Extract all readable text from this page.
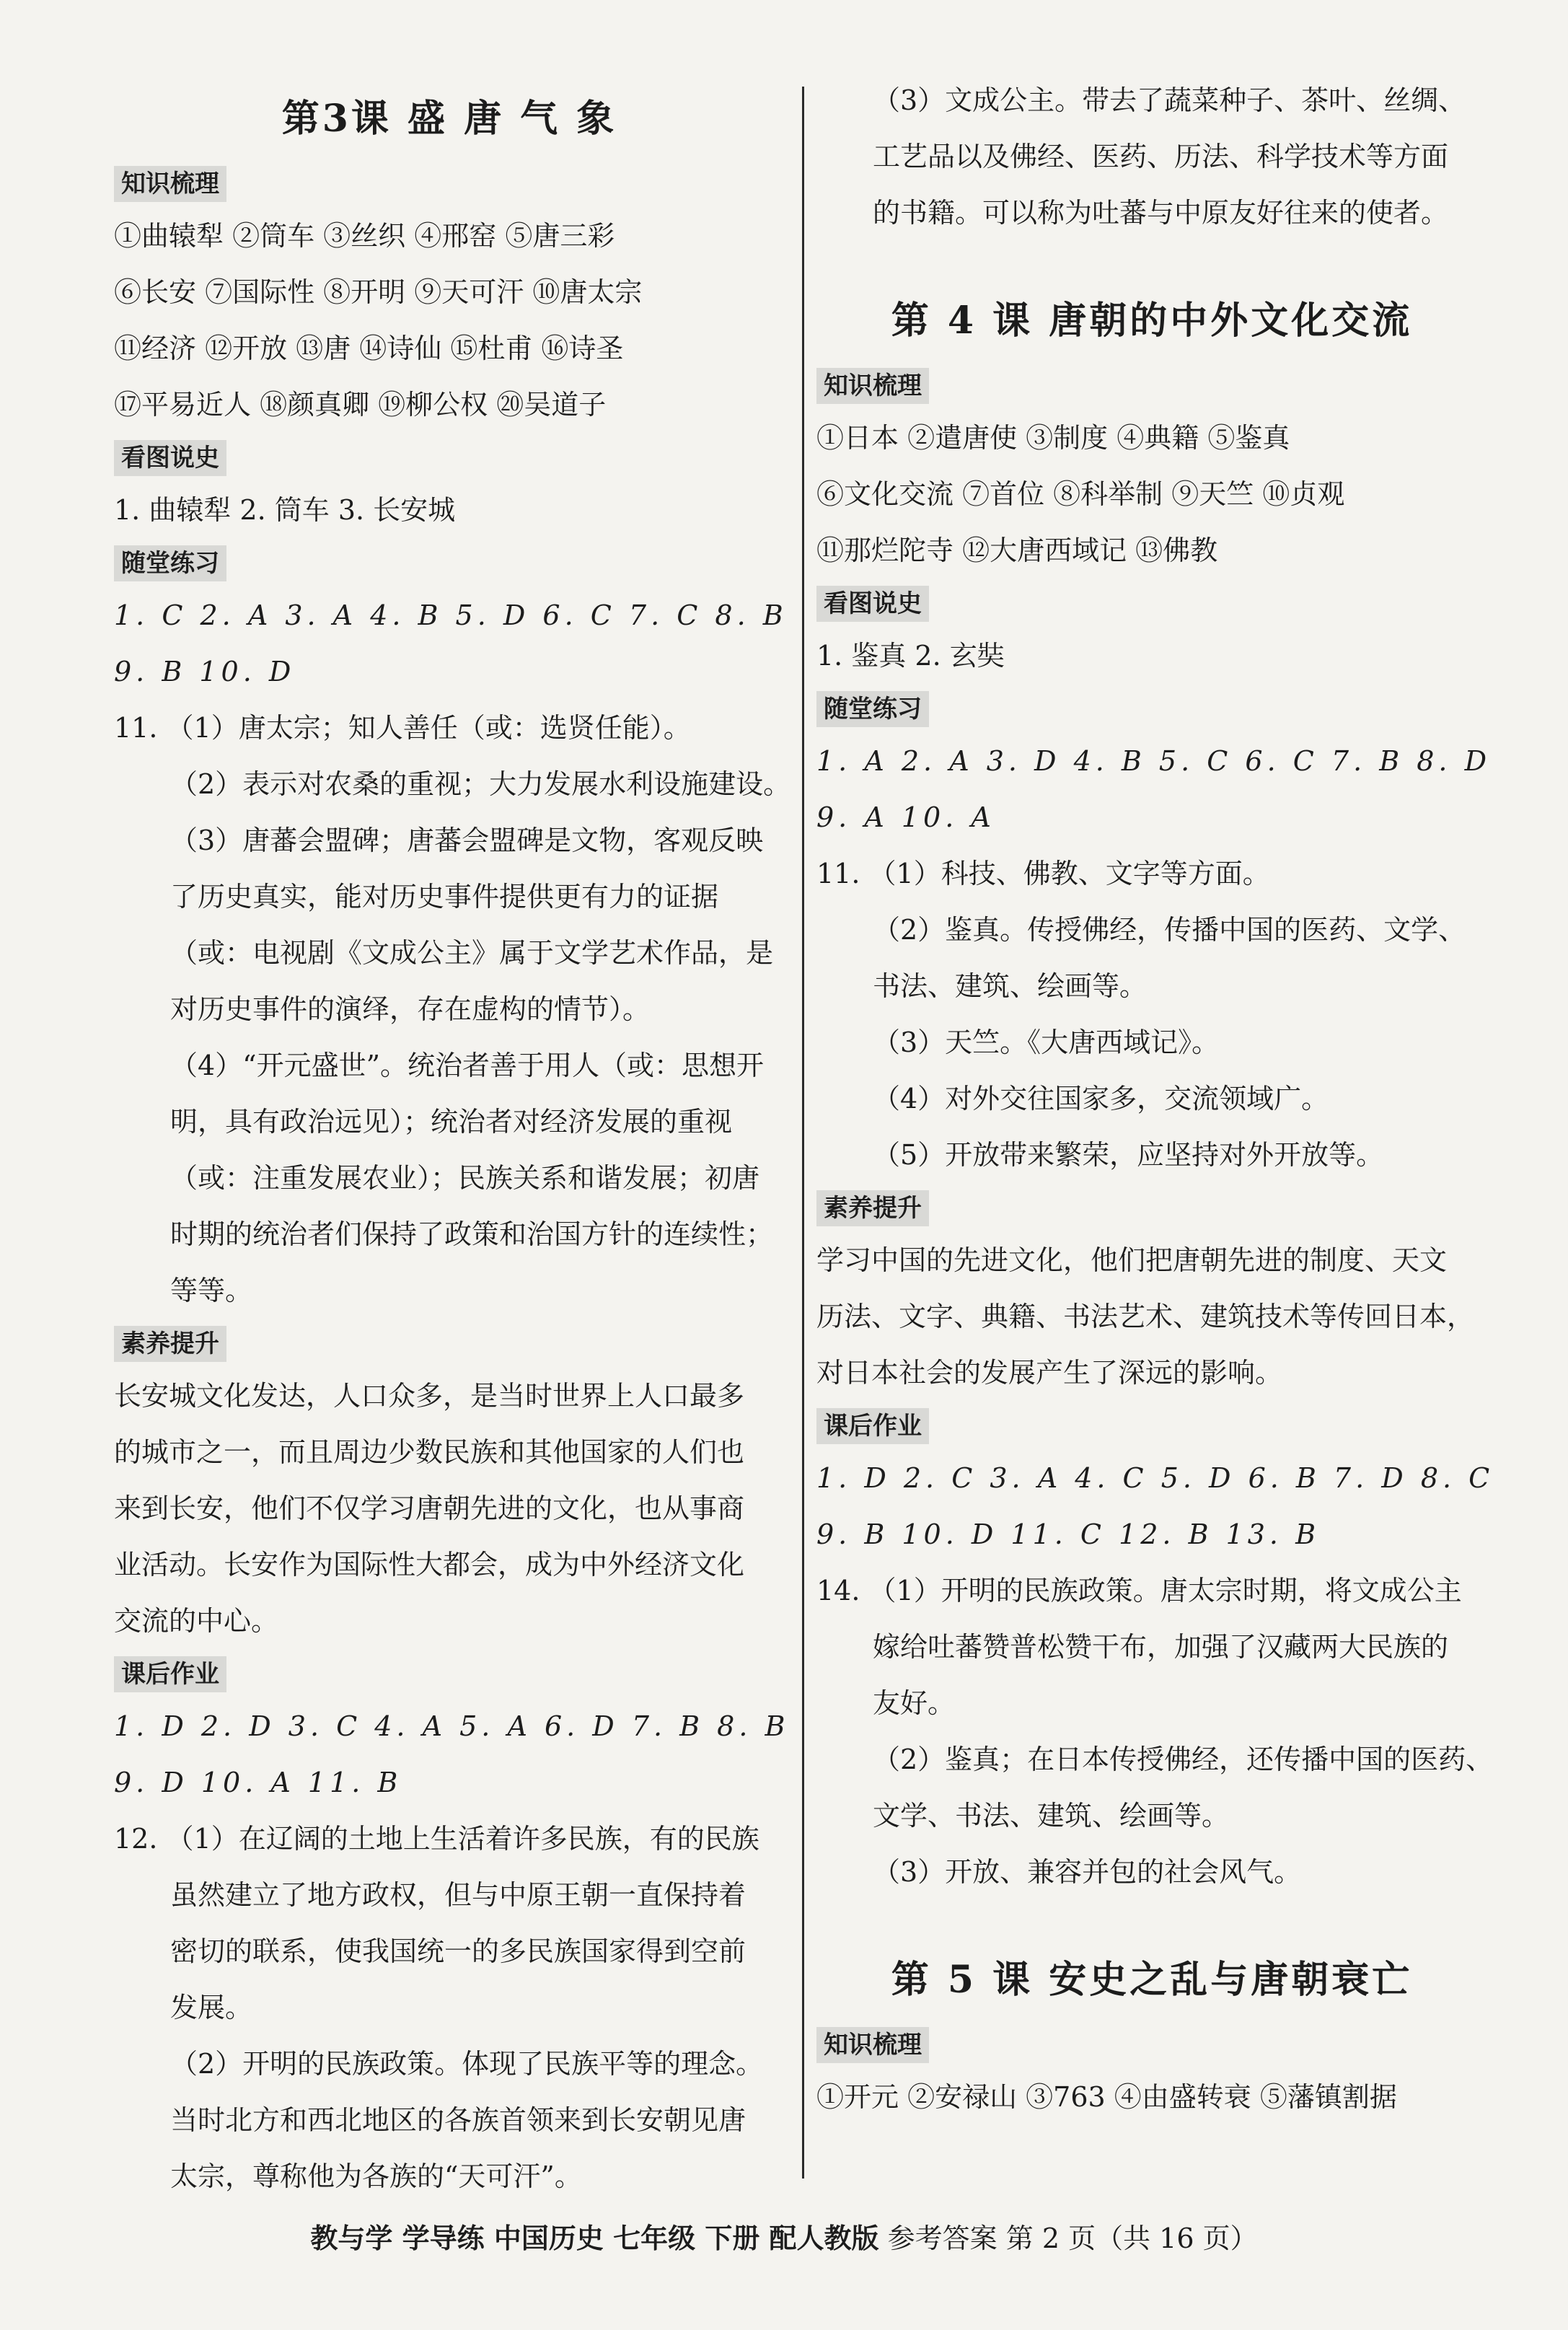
第3课 盛 唐 气 象
知识梳理
①曲辕犁 ②筒车 ③丝织 ④邢窑 ⑤唐三彩
⑥长安 ⑦国际性 ⑧开明 ⑨天可汗 ⑩唐太宗
⑪经济 ⑫开放 ⑬唐 ⑭诗仙 ⑮杜甫 ⑯诗圣
⑰平易近人 ⑱颜真卿 ⑲柳公权 ⑳吴道子
看图说史
1. 曲辕犁 2. 筒车 3. 长安城
随堂练习
1. C 2. A 3. A 4. B 5. D 6. C 7. C 8. B
9. B 10. D
11. （1）唐太宗；知人善任（或：选贤任能）。
（2）表示对农桑的重视；大力发展水利设施建设。
（3）唐蕃会盟碑；唐蕃会盟碑是文物，客观反映
了历史真实，能对历史事件提供更有力的证据
（或：电视剧《文成公主》属于文学艺术作品，是
对历史事件的演绎，存在虚构的情节）。
（4）“开元盛世”。统治者善于用人（或：思想开
明，具有政治远见）；统治者对经济发展的重视
（或：注重发展农业）；民族关系和谐发展；初唐
时期的统治者们保持了政策和治国方针的连续性；
等等。
素养提升
长安城文化发达，人口众多，是当时世界上人口最多
的城市之一，而且周边少数民族和其他国家的人们也
来到长安，他们不仅学习唐朝先进的文化，也从事商
业活动。长安作为国际性大都会，成为中外经济文化
交流的中心。
课后作业
1. D 2. D 3. C 4. A 5. A 6. D 7. B 8. B
9. D 10. A 11. B
12. （1）在辽阔的土地上生活着许多民族，有的民族
虽然建立了地方政权，但与中原王朝一直保持着
密切的联系，使我国统一的多民族国家得到空前
发展。
（2）开明的民族政策。体现了民族平等的理念。
当时北方和西北地区的各族首领来到长安朝见唐
太宗，尊称他为各族的“天可汗”。
（3）文成公主。带去了蔬菜种子、茶叶、丝绸、
工艺品以及佛经、医药、历法、科学技术等方面
的书籍。可以称为吐蕃与中原友好往来的使者。
第 4 课 唐朝的中外文化交流
知识梳理
①日本 ②遣唐使 ③制度 ④典籍 ⑤鉴真
⑥文化交流 ⑦首位 ⑧科举制 ⑨天竺 ⑩贞观
⑪那烂陀寺 ⑫大唐西域记 ⑬佛教
看图说史
1. 鉴真 2. 玄奘
随堂练习
1. A 2. A 3. D 4. B 5. C 6. C 7. B 8. D
9. A 10. A
11. （1）科技、佛教、文字等方面。
（2）鉴真。传授佛经，传播中国的医药、文学、
书法、建筑、绘画等。
（3）天竺。《大唐西域记》。
（4）对外交往国家多，交流领域广。
（5）开放带来繁荣，应坚持对外开放等。
素养提升
学习中国的先进文化，他们把唐朝先进的制度、天文
历法、文字、典籍、书法艺术、建筑技术等传回日本，
对日本社会的发展产生了深远的影响。
课后作业
1. D 2. C 3. A 4. C 5. D 6. B 7. D 8. C
9. B 10. D 11. C 12. B 13. B
14. （1）开明的民族政策。唐太宗时期，将文成公主
嫁给吐蕃赞普松赞干布，加强了汉藏两大民族的
友好。
（2）鉴真；在日本传授佛经，还传播中国的医药、
文学、书法、建筑、绘画等。
（3）开放、兼容并包的社会风气。
第 5 课 安史之乱与唐朝衰亡
知识梳理
①开元 ②安禄山 ③763 ④由盛转衰 ⑤藩镇割据
教与学 学导练 中国历史 七年级 下册 配人教版 参考答案 第 2 页（共 16 页）
